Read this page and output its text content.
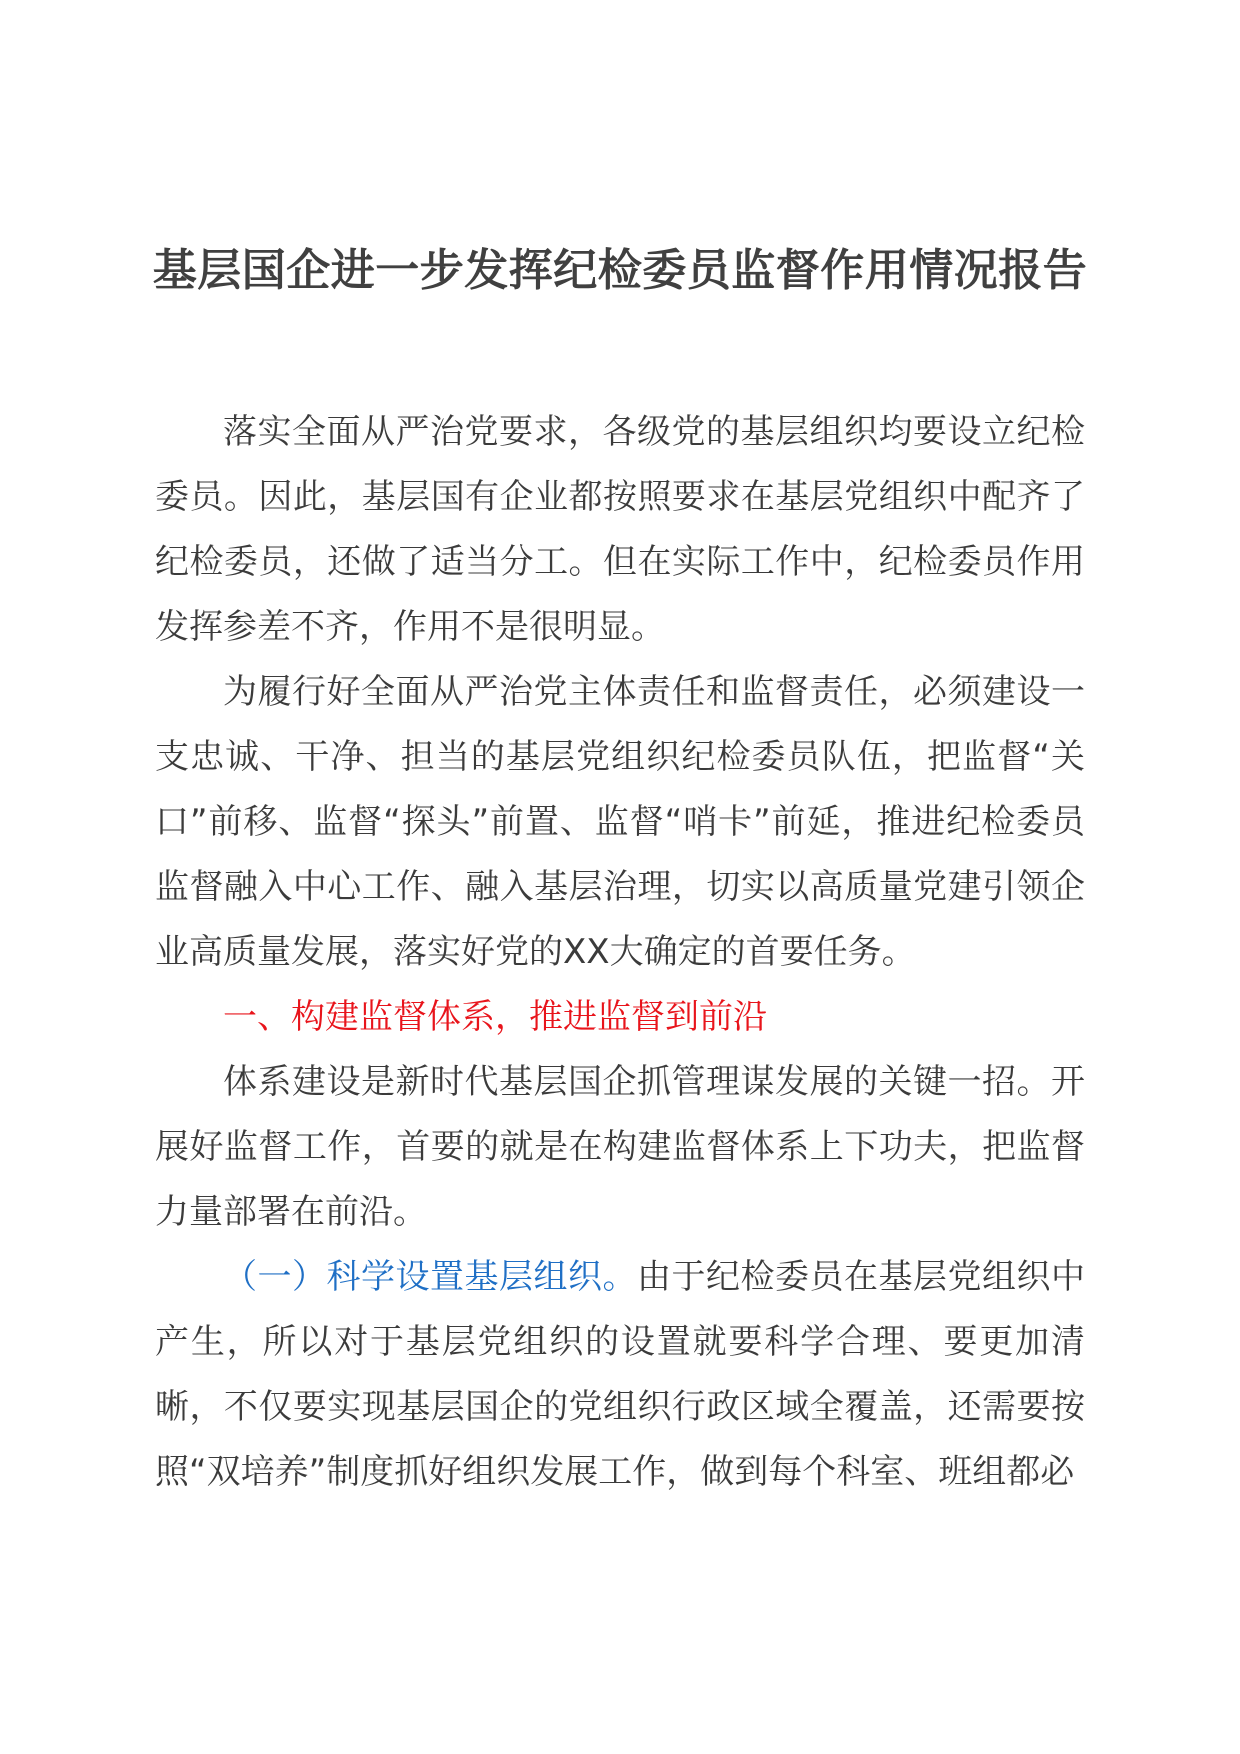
基层国企进一步发挥纪检委员监督作用情况报告

落实全面从严治党要求，各级党的基层组织均要设立纪检委员。因此，基层国有企业都按照要求在基层党组织中配齐了纪检委员，还做了适当分工。但在实际工作中，纪检委员作用发挥参差不齐，作用不是很明显。

为履行好全面从严治党主体责任和监督责任，必须建设一支忠诚、干净、担当的基层党组织纪检委员队伍，把监督“关口”前移、监督“探头”前置、监督“哨卡”前延，推进纪检委员监督融入中心工作、融入基层治理，切实以高质量党建引领企业高质量发展，落实好党的XX大确定的首要任务。

一、构建监督体系，推进监督到前沿

体系建设是新时代基层国企抓管理谋发展的关键一招。开展好监督工作，首要的就是在构建监督体系上下功夫，把监督力量部署在前沿。

（一）科学设置基层组织。由于纪检委员在基层党组织中产生，所以对于基层党组织的设置就要科学合理、要更加清晰，不仅要实现基层国企的党组织行政区域全覆盖，还需要按照“双培养”制度抓好组织发展工作，做到每个科室、班组都必
